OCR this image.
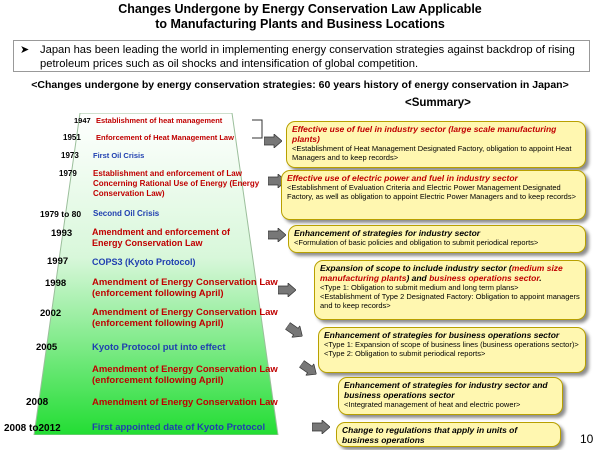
Changes Undergone by Energy Conservation Law Applicable
to Manufacturing Plants and Business Locations
➤ Japan has been leading the world in implementing energy conservation strategies against backdrop of rising petroleum prices such as oil shocks and intensification of global competition.
<Changes undergone by energy conservation strategies: 60 years history of energy conservation in Japan>
<Summary>
1947
1951
1973
1979
1979 to 80
1993
1997
1998
2002
2005
2008
2008 to2012
Establishment of heat management
Enforcement of Heat Management Law
First Oil Crisis
Establishment and enforcement of Law Concerning Rational Use of Energy (Energy Conservation Law)
Second Oil Crisis
Amendment and enforcement of Energy Conservation Law
COPS3 (Kyoto Protocol)
Amendment of Energy Conservation Law (enforcement following April)
Amendment of Energy Conservation Law (enforcement following April)
Kyoto Protocol put into effect
Amendment of Energy Conservation Law (enforcement following April)
Amendment of Energy Conservation Law
First appointed date of Kyoto Protocol
Effective use of fuel in industry sector (large scale manufacturing plants)
<Establishment of Heat Management Designated Factory, obligation to appoint Heat Managers and to keep records>
Effective use of electric power and fuel in industry sector
<Establishment of Evaluation Criteria and Electric Power Management Designated Factory, as well as obligation to appoint Electric Power Managers and to keep records>
Enhancement of strategies for industry sector
<Formulation of basic policies and obligation to submit periodical reports>
Expansion of scope to include industry sector (medium size manufacturing plants) and business operations sector.
<Type 1: Obligation to submit medium and long term plans>
<Establishment of Type 2 Designated Factory: Obligation to appoint managers and to keep records>
Enhancement of strategies for business operations sector
<Type 1: Expansion of scope of business lines (business operations sector)>
<Type 2: Obligation to submit periodical reports>
Enhancement of strategies for industry sector and business operations sector
<Integrated management of heat and electric power>
Change to regulations that apply in units of business operations	10
